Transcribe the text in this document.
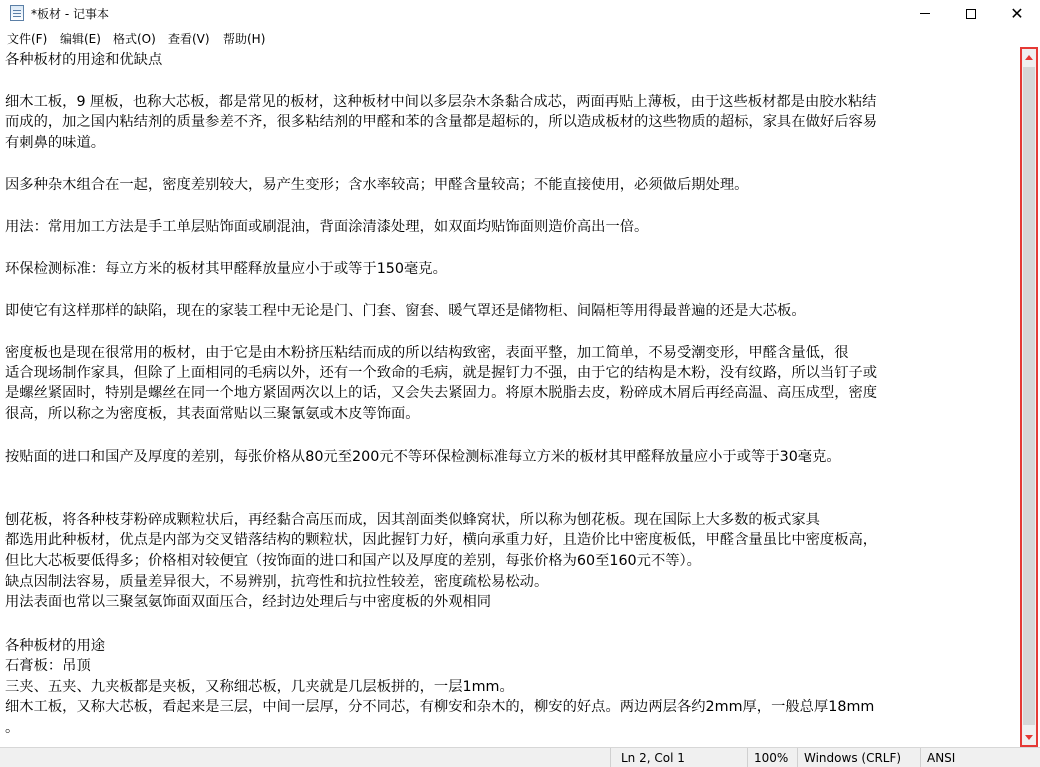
*板材 - 记事本	✕
文件(F) 编辑(E) 格式(O) 查看(V) 帮助(H)
各种板材的用途和优缺点
细木工板，9 厘板，也称大芯板，都是常见的板材，这种板材中间以多层杂木条黏合成芯，两面再贴上薄板，由于这些板材都是由胶水粘结
而成的，加之国内粘结剂的质量参差不齐，很多粘结剂的甲醛和苯的含量都是超标的，所以造成板材的这些物质的超标，家具在做好后容易
有刺鼻的味道。
因多种杂木组合在一起，密度差别较大，易产生变形；含水率较高；甲醛含量较高；不能直接使用，必须做后期处理。
用法：常用加工方法是手工单层贴饰面或刷混油，背面涂清漆处理，如双面均贴饰面则造价高出一倍。
环保检测标准：每立方米的板材其甲醛释放量应小于或等于150毫克。
即使它有这样那样的缺陷，现在的家装工程中无论是门、门套、窗套、暖气罩还是储物柜、间隔柜等用得最普遍的还是大芯板。
密度板也是现在很常用的板材，由于它是由木粉挤压粘结而成的所以结构致密，表面平整，加工简单，不易受潮变形，甲醛含量低，很
适合现场制作家具，但除了上面相同的毛病以外，还有一个致命的毛病，就是握钉力不强，由于它的结构是木粉，没有纹路，所以当钉子或
是螺丝紧固时，特别是螺丝在同一个地方紧固两次以上的话，又会失去紧固力。将原木脱脂去皮，粉碎成木屑后再经高温、高压成型，密度
很高，所以称之为密度板，其表面常贴以三聚氰氨或木皮等饰面。
按贴面的进口和国产及厚度的差别，每张价格从80元至200元不等环保检测标准每立方米的板材其甲醛释放量应小于或等于30毫克。
刨花板，将各种枝芽粉碎成颗粒状后，再经黏合高压而成，因其剖面类似蜂窝状，所以称为刨花板。现在国际上大多数的板式家具
都选用此种板材，优点是内部为交叉错落结构的颗粒状，因此握钉力好，横向承重力好，且造价比中密度板低，甲醛含量虽比中密度板高，
但比大芯板要低得多；价格相对较便宜（按饰面的进口和国产以及厚度的差别，每张价格为60至160元不等）。
缺点因制法容易，质量差异很大，不易辨别，抗弯性和抗拉性较差，密度疏松易松动。
用法表面也常以三聚氢氨饰面双面压合，经封边处理后与中密度板的外观相同
各种板材的用途
石膏板：吊顶
三夹、五夹、九夹板都是夹板，又称细芯板，几夹就是几层板拼的，一层1mm。
细木工板，又称大芯板，看起来是三层，中间一层厚，分不同芯，有柳安和杂木的，柳安的好点。两边两层各约2mm厚，一般总厚18mm
。
Ln 2, Col 1	100%	Windows (CRLF)	ANSI
